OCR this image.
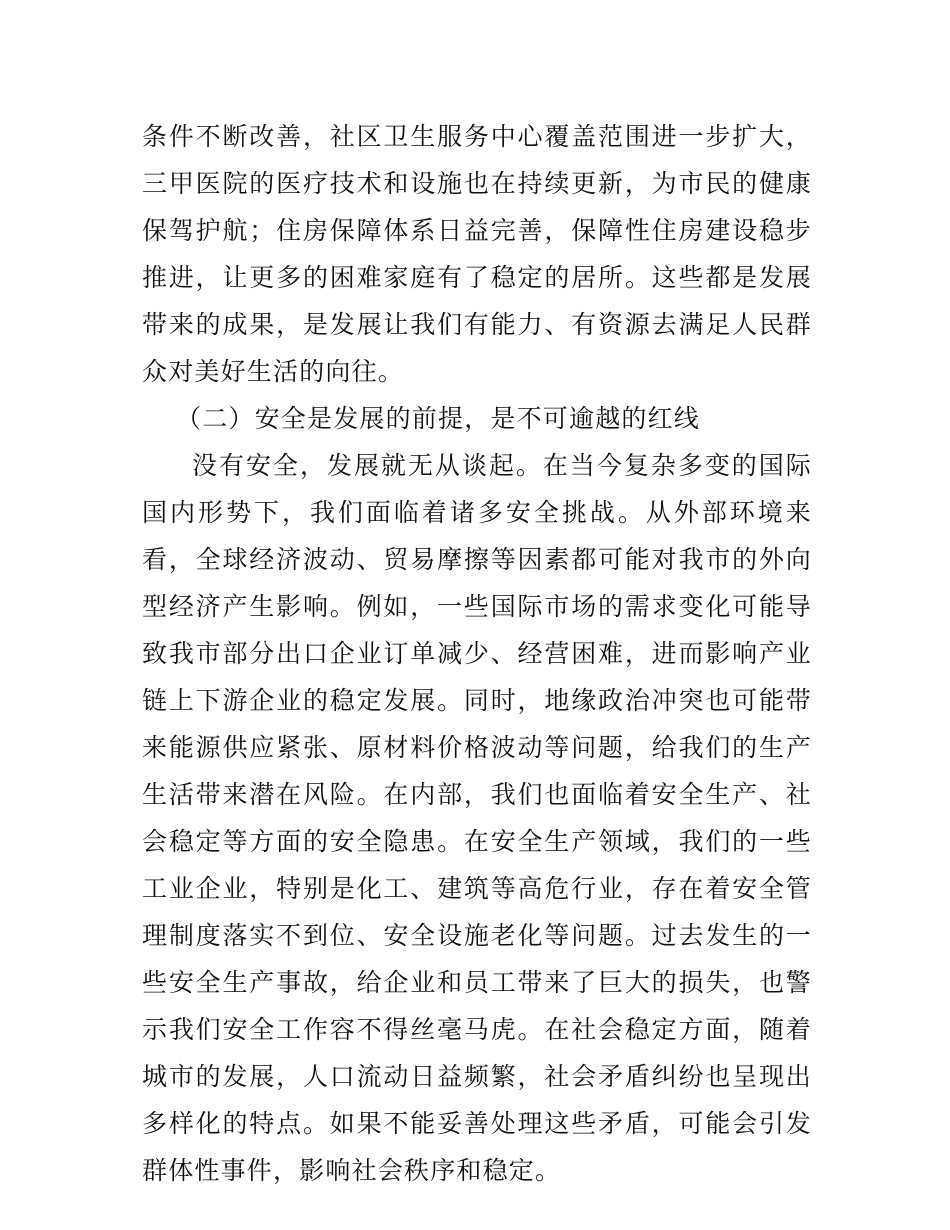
条件不断改善，社区卫生服务中心覆盖范围进一步扩大，三甲医院的医疗技术和设施也在持续更新，为市民的健康保驾护航；住房保障体系日益完善，保障性住房建设稳步推进，让更多的困难家庭有了稳定的居所。这些都是发展带来的成果，是发展让我们有能力、有资源去满足人民群众对美好生活的向往。

（二）安全是发展的前提，是不可逾越的红线

没有安全，发展就无从谈起。在当今复杂多变的国际国内形势下，我们面临着诸多安全挑战。从外部环境来看，全球经济波动、贸易摩擦等因素都可能对我市的外向型经济产生影响。例如，一些国际市场的需求变化可能导致我市部分出口企业订单减少、经营困难，进而影响产业链上下游企业的稳定发展。同时，地缘政治冲突也可能带来能源供应紧张、原材料价格波动等问题，给我们的生产生活带来潜在风险。在内部，我们也面临着安全生产、社会稳定等方面的安全隐患。在安全生产领域，我们的一些工业企业，特别是化工、建筑等高危行业，存在着安全管理制度落实不到位、安全设施老化等问题。过去发生的一些安全生产事故，给企业和员工带来了巨大的损失，也警示我们安全工作容不得丝毫马虎。在社会稳定方面，随着城市的发展，人口流动日益频繁，社会矛盾纠纷也呈现出多样化的特点。如果不能妥善处理这些矛盾，可能会引发群体性事件，影响社会秩序和稳定。
